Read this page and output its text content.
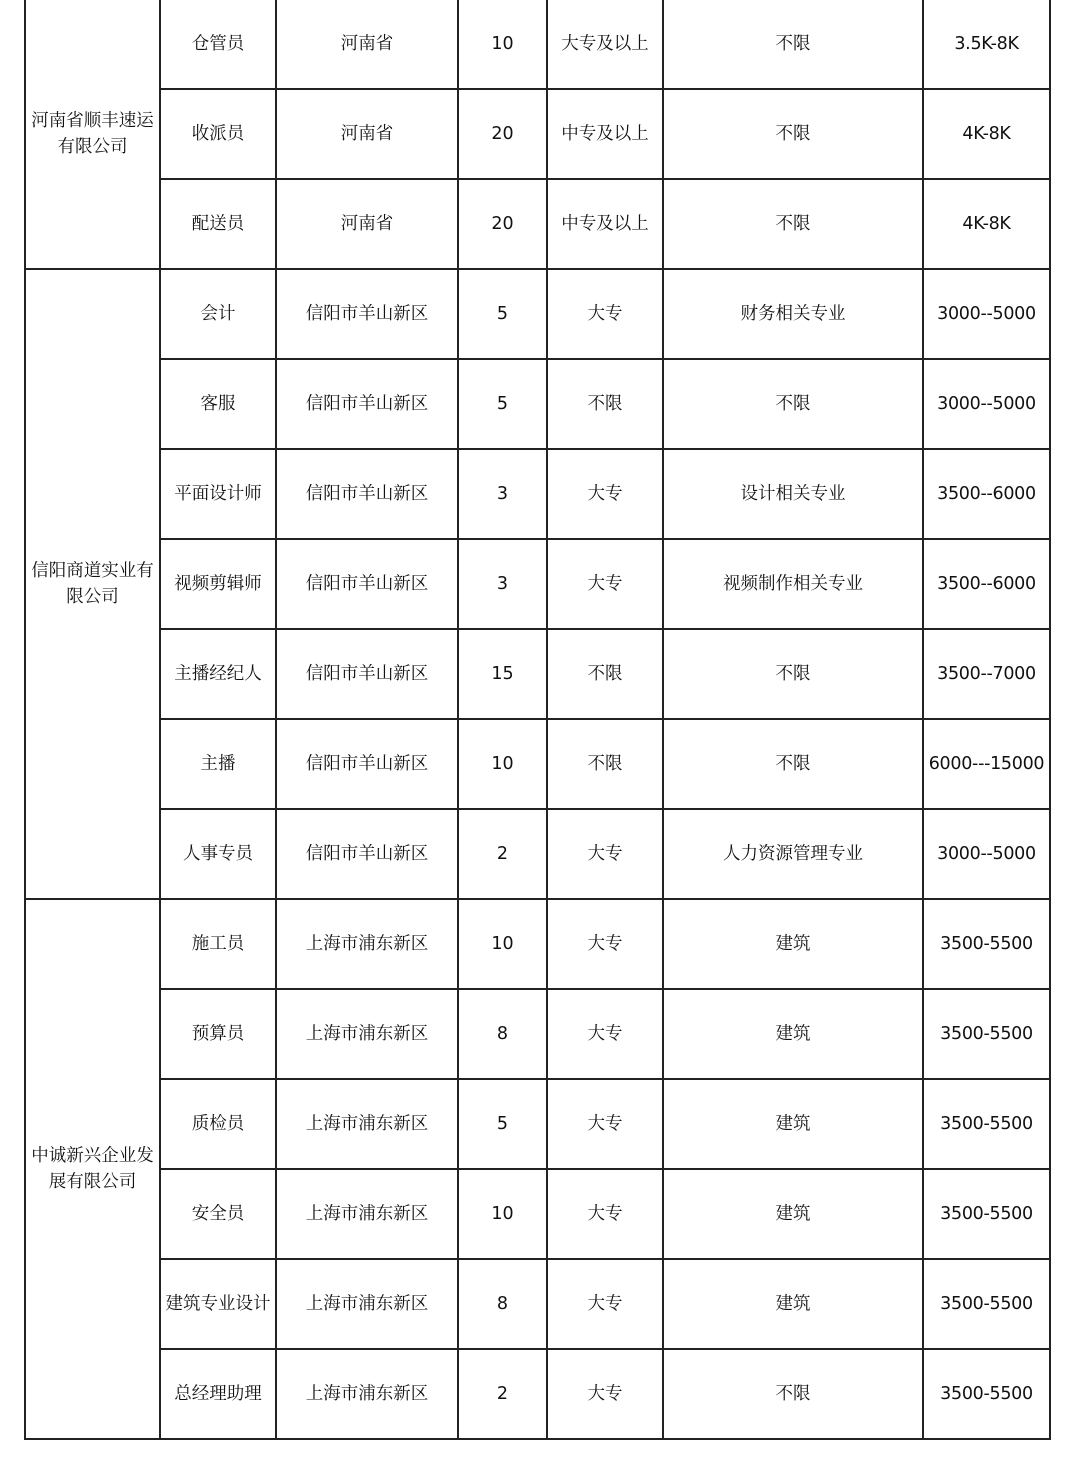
河南省顺丰速运有限公司	仓管员	河南省	10	大专及以上	不限	3.5K-8K
	收派员	河南省	20	中专及以上	不限	4K-8K
	配送员	河南省	20	中专及以上	不限	4K-8K
信阳商道实业有限公司	会计	信阳市羊山新区	5	大专	财务相关专业	3000--5000
	客服	信阳市羊山新区	5	不限	不限	3000--5000
	平面设计师	信阳市羊山新区	3	大专	设计相关专业	3500--6000
	视频剪辑师	信阳市羊山新区	3	大专	视频制作相关专业	3500--6000
	主播经纪人	信阳市羊山新区	15	不限	不限	3500--7000
	主播	信阳市羊山新区	10	不限	不限	6000---15000
	人事专员	信阳市羊山新区	2	大专	人力资源管理专业	3000--5000
中诚新兴企业发展有限公司	施工员	上海市浦东新区	10	大专	建筑	3500-5500
	预算员	上海市浦东新区	8	大专	建筑	3500-5500
	质检员	上海市浦东新区	5	大专	建筑	3500-5500
	安全员	上海市浦东新区	10	大专	建筑	3500-5500
	建筑专业设计	上海市浦东新区	8	大专	建筑	3500-5500
	总经理助理	上海市浦东新区	2	大专	不限	3500-5500
